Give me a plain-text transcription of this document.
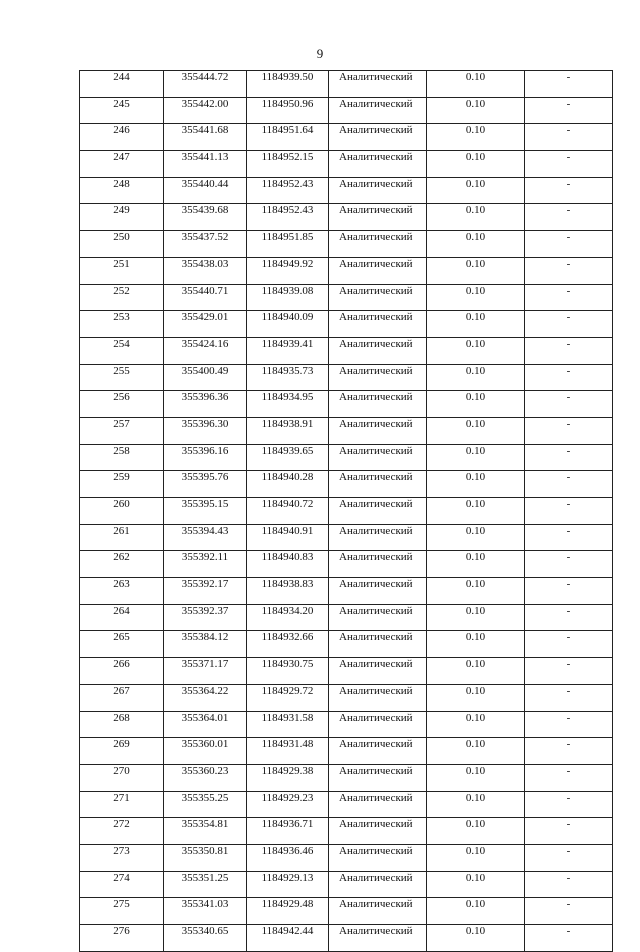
9
244	355444.72	1184939.50	Аналитический	0.10	-
245	355442.00	1184950.96	Аналитический	0.10	-
246	355441.68	1184951.64	Аналитический	0.10	-
247	355441.13	1184952.15	Аналитический	0.10	-
248	355440.44	1184952.43	Аналитический	0.10	-
249	355439.68	1184952.43	Аналитический	0.10	-
250	355437.52	1184951.85	Аналитический	0.10	-
251	355438.03	1184949.92	Аналитический	0.10	-
252	355440.71	1184939.08	Аналитический	0.10	-
253	355429.01	1184940.09	Аналитический	0.10	-
254	355424.16	1184939.41	Аналитический	0.10	-
255	355400.49	1184935.73	Аналитический	0.10	-
256	355396.36	1184934.95	Аналитический	0.10	-
257	355396.30	1184938.91	Аналитический	0.10	-
258	355396.16	1184939.65	Аналитический	0.10	-
259	355395.76	1184940.28	Аналитический	0.10	-
260	355395.15	1184940.72	Аналитический	0.10	-
261	355394.43	1184940.91	Аналитический	0.10	-
262	355392.11	1184940.83	Аналитический	0.10	-
263	355392.17	1184938.83	Аналитический	0.10	-
264	355392.37	1184934.20	Аналитический	0.10	-
265	355384.12	1184932.66	Аналитический	0.10	-
266	355371.17	1184930.75	Аналитический	0.10	-
267	355364.22	1184929.72	Аналитический	0.10	-
268	355364.01	1184931.58	Аналитический	0.10	-
269	355360.01	1184931.48	Аналитический	0.10	-
270	355360.23	1184929.38	Аналитический	0.10	-
271	355355.25	1184929.23	Аналитический	0.10	-
272	355354.81	1184936.71	Аналитический	0.10	-
273	355350.81	1184936.46	Аналитический	0.10	-
274	355351.25	1184929.13	Аналитический	0.10	-
275	355341.03	1184929.48	Аналитический	0.10	-
276	355340.65	1184942.44	Аналитический	0.10	-
